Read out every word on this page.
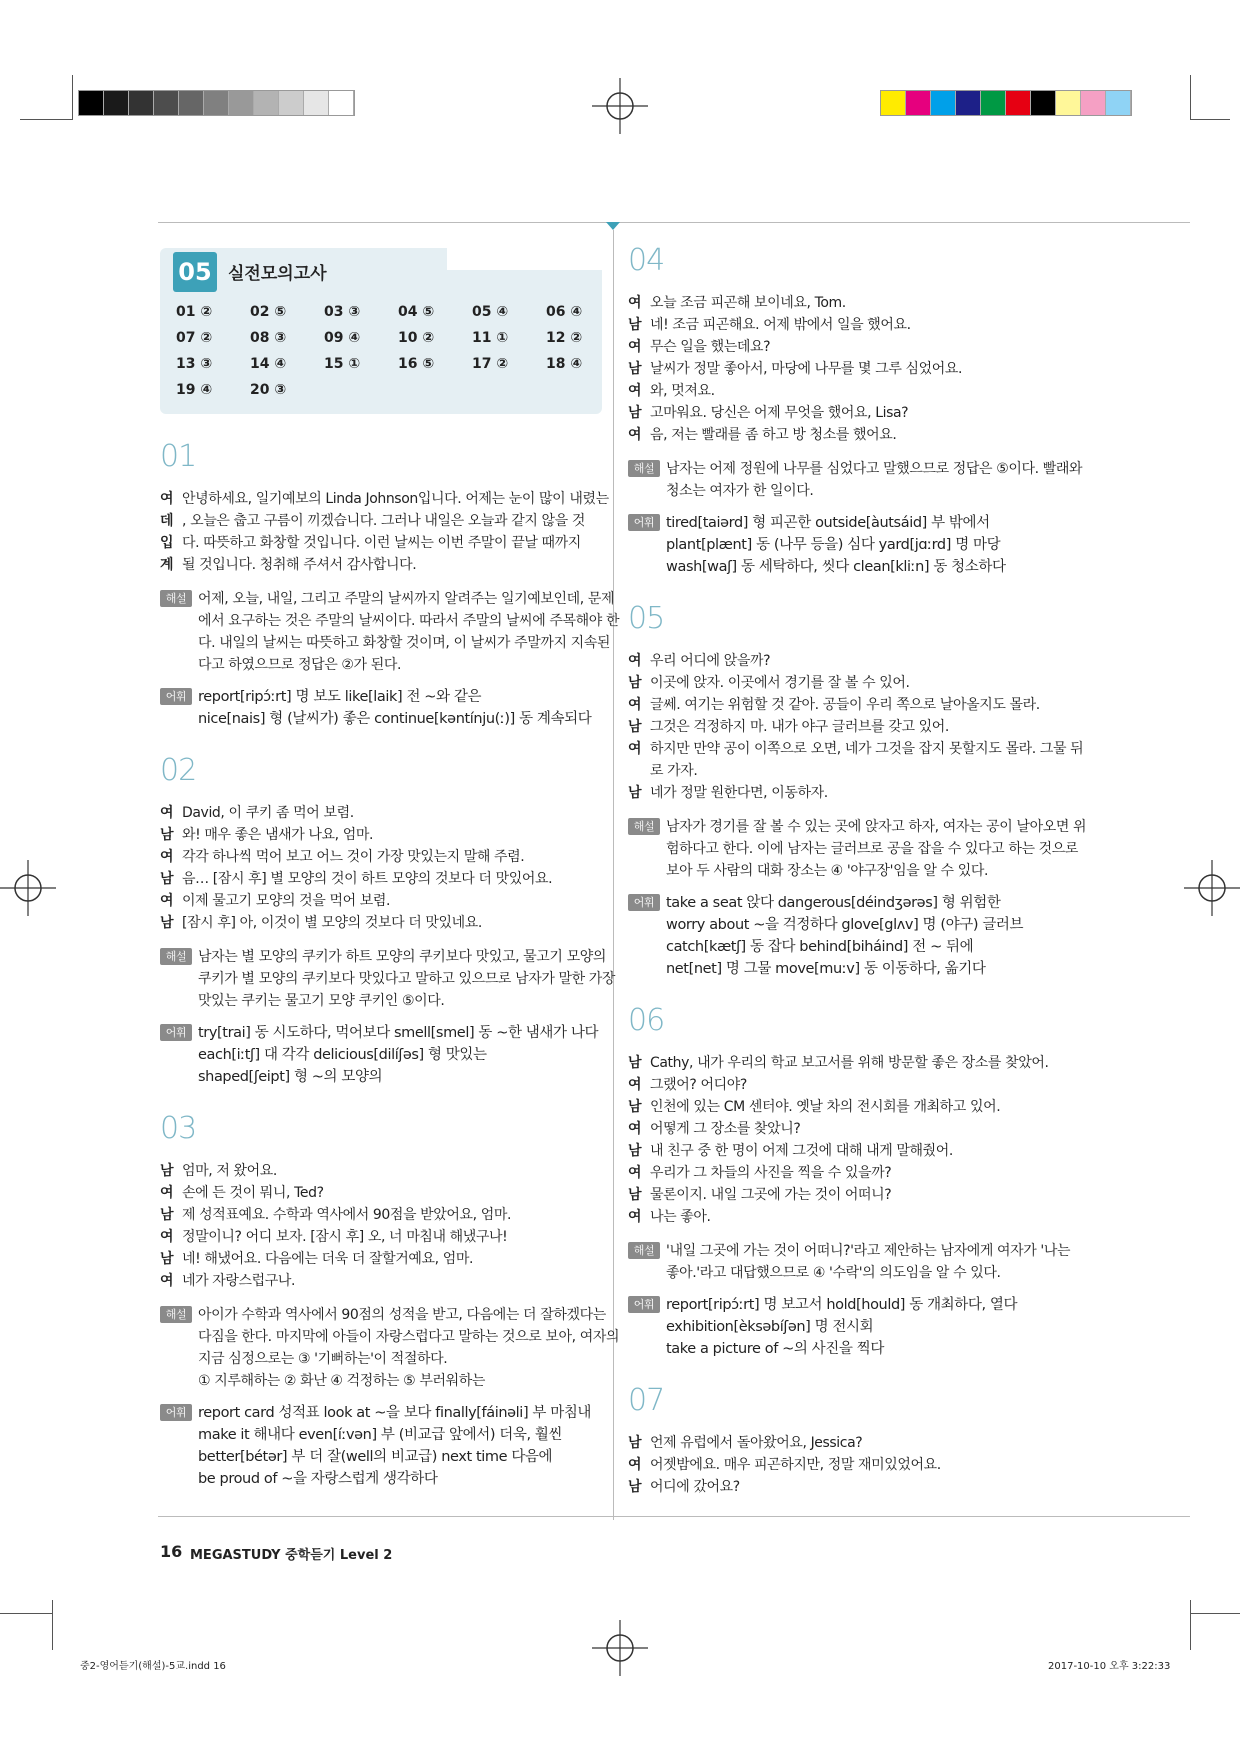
05 실전모의고사
01 ②	02 ⑤	03 ③	04 ⑤	05 ④	06 ④
07 ②	08 ③	09 ④	10 ②	11 ①	12 ②
13 ③	14 ④	15 ①	16 ⑤	17 ②	18 ④
19 ④	20 ③
01
여 안녕하세요, 일기예보의 Linda Johnson입니다. 어제는 눈이 많이 내렸는
데 , 오늘은 춥고 구름이 끼겠습니다. 그러나 내일은 오늘과 같지 않을 것
입 다. 따뜻하고 화창할 것입니다. 이런 날씨는 이번 주말이 끝날 때까지
계 될 것입니다. 청취해 주셔서 감사합니다.
해설 어제, 오늘, 내일, 그리고 주말의 날씨까지 알려주는 일기예보인데, 문제
에서 요구하는 것은 주말의 날씨이다. 따라서 주말의 날씨에 주목해야 한
다. 내일의 날씨는 따뜻하고 화창할 것이며, 이 날씨가 주말까지 지속된
다고 하였으므로 정답은 ②가 된다.
어휘 report[ripɔ́ːrt] 명 보도 like[laik] 전 ~와 같은
nice[nais] 형 (날씨가) 좋은 continue[kəntínju(ː)] 동 계속되다
02
여 David, 이 쿠키 좀 먹어 보렴.
남 와! 매우 좋은 냄새가 나요, 엄마.
여 각각 하나씩 먹어 보고 어느 것이 가장 맛있는지 말해 주렴.
남 음… [잠시 후] 별 모양의 것이 하트 모양의 것보다 더 맛있어요.
여 이제 물고기 모양의 것을 먹어 보렴.
남 [잠시 후] 아, 이것이 별 모양의 것보다 더 맛있네요.
해설 남자는 별 모양의 쿠키가 하트 모양의 쿠키보다 맛있고, 물고기 모양의
쿠키가 별 모양의 쿠키보다 맛있다고 말하고 있으므로 남자가 말한 가장
맛있는 쿠키는 물고기 모양 쿠키인 ⑤이다.
어휘 try[trai] 동 시도하다, 먹어보다 smell[smel] 동 ~한 냄새가 나다
each[iːtʃ] 대 각각 delicious[dilíʃəs] 형 맛있는
shaped[ʃeipt] 형 ~의 모양의
03
남 엄마, 저 왔어요.
여 손에 든 것이 뭐니, Ted?
남 제 성적표예요. 수학과 역사에서 90점을 받았어요, 엄마.
여 정말이니? 어디 보자. [잠시 후] 오, 너 마침내 해냈구나!
남 네! 해냈어요. 다음에는 더욱 더 잘할거예요, 엄마.
여 네가 자랑스럽구나.
해설 아이가 수학과 역사에서 90점의 성적을 받고, 다음에는 더 잘하겠다는
다짐을 한다. 마지막에 아들이 자랑스럽다고 말하는 것으로 보아, 여자의
지금 심정으로는 ③ '기뻐하는'이 적절하다.
① 지루해하는 ② 화난 ④ 걱정하는 ⑤ 부러워하는
어휘 report card 성적표 look at ~을 보다 finally[fáinəli] 부 마침내
make it 해내다 even[íːvən] 부 (비교급 앞에서) 더욱, 훨씬
better[bétər] 부 더 잘(well의 비교급) next time 다음에
be proud of ~을 자랑스럽게 생각하다
04
여 오늘 조금 피곤해 보이네요, Tom.
남 네! 조금 피곤해요. 어제 밖에서 일을 했어요.
여 무슨 일을 했는데요?
남 날씨가 정말 좋아서, 마당에 나무를 몇 그루 심었어요.
여 와, 멋져요.
남 고마워요. 당신은 어제 무엇을 했어요, Lisa?
여 음, 저는 빨래를 좀 하고 방 청소를 했어요.
해설 남자는 어제 정원에 나무를 심었다고 말했으므로 정답은 ⑤이다. 빨래와
청소는 여자가 한 일이다.
어휘 tired[taiərd] 형 피곤한 outside[àutsáid] 부 밖에서
plant[plænt] 동 (나무 등을) 심다 yard[jɑːrd] 명 마당
wash[waʃ] 동 세탁하다, 씻다 clean[kliːn] 동 청소하다
05
여 우리 어디에 앉을까?
남 이곳에 앉자. 이곳에서 경기를 잘 볼 수 있어.
여 글쎄. 여기는 위험할 것 같아. 공들이 우리 쪽으로 날아올지도 몰라.
남 그것은 걱정하지 마. 내가 야구 글러브를 갖고 있어.
여 하지만 만약 공이 이쪽으로 오면, 네가 그것을 잡지 못할지도 몰라. 그물 뒤
로 가자.
남 네가 정말 원한다면, 이동하자.
해설 남자가 경기를 잘 볼 수 있는 곳에 앉자고 하자, 여자는 공이 날아오면 위
험하다고 한다. 이에 남자는 글러브로 공을 잡을 수 있다고 하는 것으로
보아 두 사람의 대화 장소는 ④ '야구장'임을 알 수 있다.
어휘 take a seat 앉다 dangerous[déindʒərəs] 형 위험한
worry about ~을 걱정하다 glove[glʌv] 명 (야구) 글러브
catch[kætʃ] 동 잡다 behind[biháind] 전 ~ 뒤에
net[net] 명 그물 move[muːv] 동 이동하다, 옮기다
06
남 Cathy, 내가 우리의 학교 보고서를 위해 방문할 좋은 장소를 찾았어.
여 그랬어? 어디야?
남 인천에 있는 CM 센터야. 옛날 차의 전시회를 개최하고 있어.
여 어떻게 그 장소를 찾았니?
남 내 친구 중 한 명이 어제 그것에 대해 내게 말해줬어.
여 우리가 그 차들의 사진을 찍을 수 있을까?
남 물론이지. 내일 그곳에 가는 것이 어떠니?
여 나는 좋아.
해설 '내일 그곳에 가는 것이 어떠니?'라고 제안하는 남자에게 여자가 '나는
좋아.'라고 대답했으므로 ④ '수락'의 의도임을 알 수 있다.
어휘 report[ripɔ́ːrt] 명 보고서 hold[hould] 동 개최하다, 열다
exhibition[èksəbíʃən] 명 전시회
take a picture of ~의 사진을 찍다
07
남 언제 유럽에서 돌아왔어요, Jessica?
여 어젯밤에요. 매우 피곤하지만, 정말 재미있었어요.
남 어디에 갔어요?
16 MEGASTUDY 중학듣기 Level 2
중2-영어듣기(해설)-5교.indd 16	2017-10-10 오후 3:22:33
